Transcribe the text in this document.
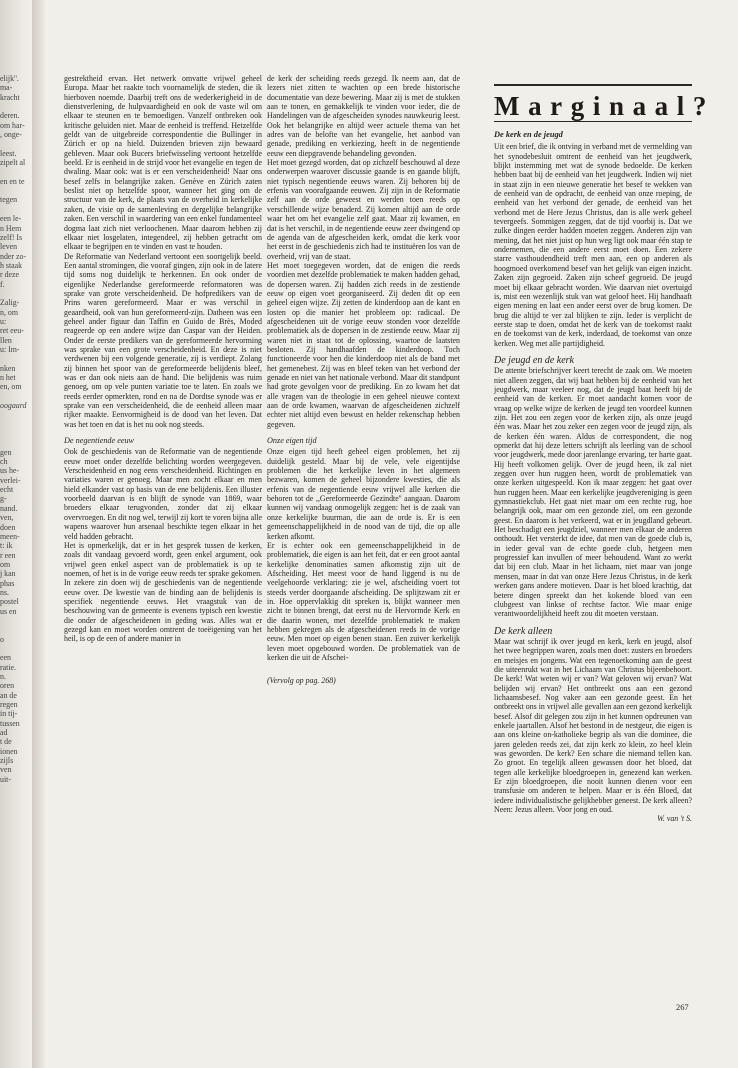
elijk''.

ma-

kracht

deren.

om har-

, onge-

leest.

zipelt al

en en te

tegen

een le-

n Hem

zelf! Is

leven

nder zo-

h staak

r deze

f.

Zalig-

n, om

u:

ret eeu-

llen

u: Im-

nken

n het

en, om

oogaard

gen

ch

us he-

verlei-

echt

g-

nand.

ven,

doen

meen-

t: ik

r een

om

j kan

phas

ns.

postel

us en

o

een

ratie.

n.

oren

an de

regen

in tij-

tussen

ad

t de

ionen

zijls

ven

uit-

gestrektheid ervan. Het netwerk omvatte vrijwel geheel Europa. Maar het raakte toch voornamelijk de steden, die ik hierboven noemde. Daarbij treft ons de wederkerigheid in de dienstverlening, de hulpvaardigheid en ook de vaste wil om elkaar te steunen en te bemoedigen. Vanzelf ontbreken ook kritische geluiden niet. Maar de eenheid is treffend. Hetzelfde geldt van de uitgebreide correspondentie die Bullinger in Zürich er op na hield. Duizenden brieven zijn bewaard gebleven. Maar ook Bucers briefwisseling vertoont hetzelfde beeld. Er is eenheid in de strijd voor het evangelie en tegen de dwaling. Maar ook: wat is er een verscheidenheid! Naar ons besef zelfs in belangrijke zaken. Genève en Zürich zaten beslist niet op hetzelfde spoor, wanneer het ging om de structuur van de kerk, de plaats van de overheid in kerkelijke zaken, de visie op de samenleving en dergelijke belangrijke zaken. Een verschil in waardering van een enkel fundamenteel dogma laat zich niet verloochenen. Maar daarom hebben zij elkaar niet losgelaten, integendeel, zij hebben getracht om elkaar te begrijpen en te vinden en vast te houden.

De Reformatie van Nederland vertoont een soortgelijk beeld. Een aantal stromingen, die vooraf gingen, zijn ook in de latere tijd soms nog duidelijk te herkennen. En ook onder de eigenlijke Nederlandse gereformeerde reformatoren was sprake van grote verscheidenheid. De hofpredikers van de Prins waren gereformeerd. Maar er was verschil in geaardheid, ook van hun gereformeerd-zijn. Datheen was een geheel ander figuur dan Taffin en Guido de Brès, Moded reageerde op een andere wijze dan Caspar van der Heiden. Onder de eerste predikers van de gereformeerde hervorming was sprake van een grote verscheidenheid. En deze is niet verdwenen bij een volgende generatie, zij is verdiept. Zolang zij binnen het spoor van de gereformeerde belijdenis bleef, was er dan ook niets aan de hand. Die belijdenis was ruim genoeg, om op vele punten variatie toe te laten. En zoals we reeds eerder opmerkten, rond en na de Dordtse synode was er sprake van een verscheidenheid, die de eenheid alleen maar rijker maakte. Eenvormigheid is de dood van het leven. Dat was het toen en dat is het nu ook nog steeds.

De negentiende eeuw

Ook de geschiedenis van de Reformatie van de negentiende eeuw moet onder dezelfde belichting worden weergegeven. Verscheidenheid en nog eens verscheidenheid. Richtingen en variaties waren er genoeg. Maar men zocht elkaar en men hield elkander vast op basis van de ene belijdenis. Een illuster voorbeeld daarvan is en blijft de synode van 1869, waar broeders elkaar terugvonden, zonder dat zij elkaar overvroegen. En dit nog wel, terwijl zij kort te voren bijna alle wapens waarover hun arsenaal beschikte tegen elkaar in het veld hadden gebracht.

Het is opmerkelijk, dat er in het gesprek tussen de kerken, zoals dit vandaag gevoerd wordt, geen enkel argument, ook vrijwel geen enkel aspect van de problematiek is op te noemen, of het is in de vorige eeuw reeds ter sprake gekomen. In zekere zin doen wij de geschiedenis van de negentiende eeuw over. De kwestie van de binding aan de belijdenis is specifiek negentiende eeuws. Het vraagstuk van de beschouwing van de gemeente is evenens typisch een kwestie die onder de afgescheidenen in geding was. Alles wat er gezegd kan en moet worden omtrent de toeëigening van het heil, is op de een of andere manier in

de kerk der scheiding reeds gezegd. Ik neem aan, dat de lezers niet zitten te wachten op een brede historische documentatie van deze bewering. Maar zij is met de stukken aan te tonen, en gemakkelijk te vinden voor ieder, die de Handelingen van de afgescheiden synodes nauwkeurig leest. Ook het belangrijke en altijd weer actuele thema van het adres van de belofte van het evangelie, het aanbod van genade, prediking en verkiezing, heeft in de negentiende eeuw een diepgravende behandeling gevonden.

Het moet gezegd worden, dat op zichzelf beschouwd al deze onderwerpen waarover discussie gaande is en gaande blijft, niet typisch negentiende eeuws waren. Zij behoren bij de erfenis van voorafgaande eeuwen. Zij zijn in de Reformatie zelf aan de orde geweest en werden toen reeds op verschillende wijze benaderd. Zij komen altijd aan de orde waar het om het evangelie zelf gaat. Maar zij kwamen, en dat is het verschil, in de negentiende eeuw zeer dwingend op de agenda van de afgescheiden kerk, omdat die kerk voor het eerst in de geschiedenis zich had te instituëren los van de overheid, vrij van de staat.

Het moet toegegeven worden, dat de enigen die reeds voordien met dezelfde problematiek te maken hadden gehad, de dopersen waren. Zij hadden zich reeds in de zestiende eeuw op eigen voet georganiseerd. Zij deden dit op een geheel eigen wijze. Zij zetten de kinderdoop aan de kant en losten op die manier het probleem op: radicaal. De afgescheidenen uit de vorige eeuw stonden voor dezelfde problematiek als de dopersen in de zestiende eeuw. Maar zij waren niet in staat tot de oplossing, waartoe de laatsten besloten. Zij handhaafden de kinderdoop. Toch functioneerde voor hen die kinderdoop niet als de band met het gemenebest. Zij was en bleef teken van het verbond der genade en niet van het nationale verbond. Maar dit standpunt had grote gevolgen voor de prediking. En zo kwam het dat alle vragen van de theologie in een geheel nieuwe context aan de orde kwamen, waarvan de afgescheidenen zichzelf echter niet altijd even bewust en helder rekenschap hebben gegeven.

Onze eigen tijd

Onze eigen tijd heeft geheel eigen problemen, het zij duidelijk gesteld. Maar bij de vele, vele eigentijdse problemen die het kerkelijke leven in het algemeen bezwaren, komen de geheel bijzondere kwesties, die als erfenis van de negentiende eeuw vrijwel alle kerken die behoren tot de ,,Gereformeerde Gezindte'' aangaan. Daarom kunnen wij vandaag onmogelijk zeggen: het is de zaak van onze kerkelijke buurman, die aan de orde is. Er is een gemeenschappelijkheid in de nood van de tijd, die op alle kerken afkomt.

Er is echter ook een gemeenschappelijkheid in de problematiek, die eigen is aan het feit, dat er een groot aantal kerkelijke denominaties samen afkomstig zijn uit de Afscheiding. Het meest voor de hand liggend is nu de veelgehoorde verklaring: zie je wel, afscheiding voert tot steeds verder doorgaande afscheiding. De splijtzwam zit er in. Hoe oppervlakkig dit spreken is, blijkt wanneer men zicht te binnen brengt, dat eerst nu de Hervormde Kerk en die daarin wonen, met dezelfde problematiek te maken hebben gekregen als de afgescheidenen reeds in de vorige eeuw. Men moet op eigen benen staan. Een zuiver kerkelijk leven moet opgebouwd worden. De problematiek van de kerken die uit de Afschei-

(Vervolg op pag. 268)

Marginaal?
De kerk en de jeugd

Uit een brief, die ik ontving in verband met de vermelding van het synodebesluit omtrent de eenheid van het jeugdwerk, blijkt instemming met wat de synode bedoelde. De kerken hebben baat bij de eenheid van het jeugdwerk. Indien wij niet in staat zijn in een nieuwe generatie het besef te wekken van de eenheid van de opdracht, de eenheid van onze roeping, de eenheid van het verbond der genade, de eenheid van het verbond met de Here Jezus Christus, dan is alle werk geheel tevergeefs. Sommigen zeggen, dat de tijd voorbij is. Dat we zulke dingen eerder hadden moeten zeggen. Anderen zijn van mening, dat het niet juist op hun weg ligt ook maar één stap te ondernemen, die een andere eerst moet doen. Een zekere starre vasthoudendheid treft men aan, een op anderen als hoogmoed overkomend besef van het gelijk van eigen inzicht. Zaken zijn gegroeid. Zaken zijn scheef gegroeid. De jeugd moet bij elkaar gebracht worden. Wie daarvan niet overtuigd is, mist een wezenlijk stuk van wat geloof heet. Hij handhaaft eigen mening en laat een ander eerst over de brug komen. De brug die altijd te ver zal blijken te zijn. Ieder is verplicht de eerste stap te doen, omdat het de kerk van de toekomst raakt en de toekomst van de kerk, inderdaad, de toekomst van onze kerken. Weg met alle partijdigheid.

De jeugd en de kerk

De attente briefschrijver keert terecht de zaak om. We moeten niet alleen zeggen, dat wij baat hebben bij de eenheid van het jeugdwerk, maar veeleer nog, dat de jeugd baat heeft bij de eenheid van de kerken. Er moet aandacht komen voor de vraag op welke wijze de kerken de jeugd ten voordeel kunnen zijn. Het zou een zegen voor de kerken zijn, als onze jeugd één was. Maar het zou zeker een zegen voor de jeugd zijn, als de kerken één waren. Aldus de correspondent, die nog opmerkt dat hij deze letters schrijft als leerling van de school voor jeugdwerk, mede door jarenlange ervaring, ter harte gaat. Hij heeft volkomen gelijk. Over de jeugd heen, ik zal niet zeggen over hun ruggen heen, wordt de problematiek van onze kerken uitgespeeld. Kon ik maar zeggen: het gaat over hun ruggen heen. Maar een kerkelijke jeugdvereniging is geen gymnastiekclub. Het gaat niet maar om een rechte rug, hoe belangrijk ook, maar om een gezonde ziel, om een gezonde geest. En daarom is het verkeerd, wat er in jeugdland gebeurt. Het beschadigt een jeugdziel, wanneer men elkaar de anderen onthoudt. Het versterkt de idee, dat men van de goede club is, in ieder geval van de echte goede club, hetgeen men progressief kan invullen of meer behoudend. Want zo werkt dat bij een club. Maar in het lichaam, niet maar van jonge mensen, maar in dat van onze Here Jezus Christus, in de kerk werken gans andere motieven. Daar is het bloed krachtig, dat betere dingen spreekt dan het kokende bloed van een clubgeest van linkse of rechtse factor. Wie maar enige verantwoordelijkheid heeft zou dit moeten verstaan.

De kerk alleen

Maar wat schrijf ik over jeugd en kerk, kerk en jeugd, alsof het twee begrippen waren, zoals men doet: zusters en broeders en meisjes en jongens. Wat een tegenoetkoming aan de geest die uiteenrukt wat in het Lichaam van Christus bijeenbehoort. De kerk! Wat weten wij er van? Wat geloven wij ervan? Wat belijden wij ervan? Het ontbreekt ons aan een gezond lichaamsbesef. Nog vaker aan een gezonde geest. En het ontbreekt ons in vrijwel alle gevallen aan een gezond kerkelijk besef. Alsof dit gelegen zou zijn in het kunnen opdreunen van enkele jaartallen. Alsof het bestond in de nestgeur, die eigen is aan ons kleine on-katholieke begrip als van die dominee, die jaren geleden reeds zei, dat zijn kerk zo klein, zo heel klein was geworden. De kerk? Een schare die niemand tellen kan. Zo groot. En tegelijk alleen gewassen door het bloed, dat tegen alle kerkelijke bloedgroepen in, genezend kan werken. Er zijn bloedgroepen, die nooit kunnen dienen voor een transfusie om anderen te helpen. Maar er is één Bloed, dat iedere individualistische gelijkhebber geneest. De kerk alleen? Neen: Jezus alleen. Voor jong en oud.

W. van 't S.

267
